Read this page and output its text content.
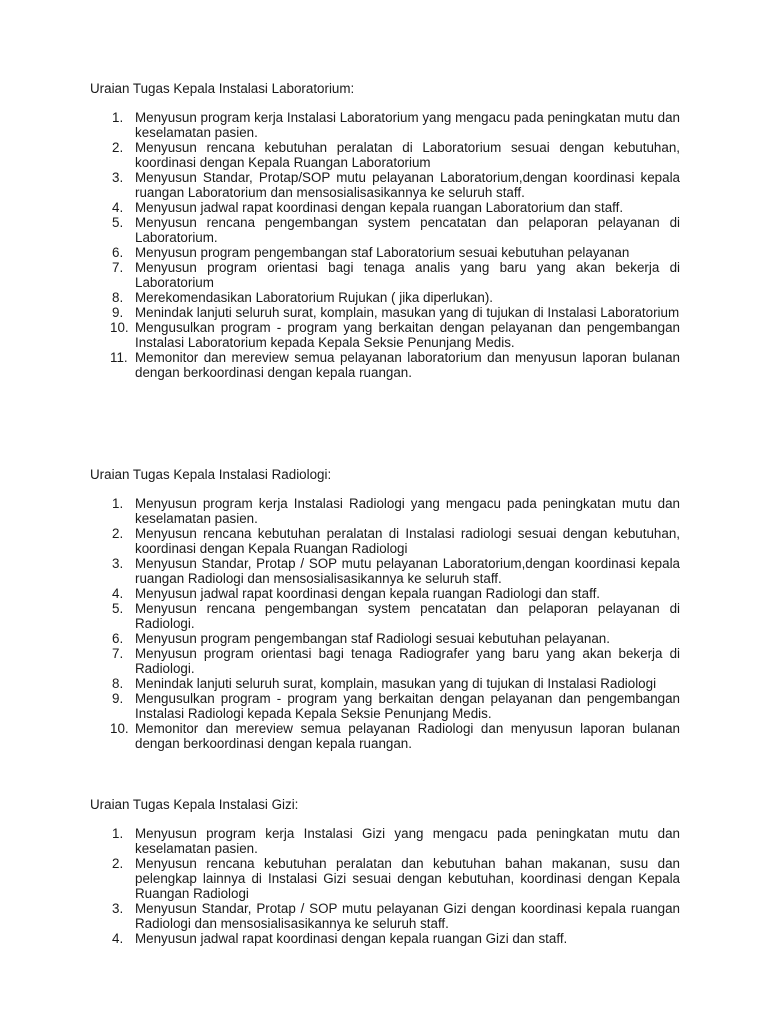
Uraian Tugas Kepala Instalasi Laboratorium:

1. Menyusun program kerja Instalasi Laboratorium yang mengacu pada peningkatan mutu dan keselamatan pasien.
2. Menyusun rencana kebutuhan peralatan di Laboratorium sesuai dengan kebutuhan, koordinasi dengan Kepala Ruangan Laboratorium
3. Menyusun Standar, Protap/SOP mutu pelayanan Laboratorium,dengan koordinasi kepala ruangan Laboratorium dan mensosialisasikannya ke seluruh staff.
4. Menyusun jadwal rapat koordinasi dengan kepala ruangan Laboratorium dan staff.
5. Menyusun rencana pengembangan system pencatatan dan pelaporan pelayanan di Laboratorium.
6. Menyusun program pengembangan staf Laboratorium sesuai kebutuhan pelayanan
7. Menyusun program orientasi bagi tenaga analis yang baru yang akan bekerja di Laboratorium
8. Merekomendasikan Laboratorium Rujukan ( jika diperlukan).
9. Menindak lanjuti seluruh surat, komplain, masukan yang di tujukan di Instalasi Laboratorium
10. Mengusulkan program - program yang berkaitan dengan pelayanan dan pengembangan Instalasi Laboratorium kepada Kepala Seksie Penunjang Medis.
11. Memonitor dan mereview semua pelayanan laboratorium dan menyusun laporan bulanan dengan berkoordinasi dengan kepala ruangan.

Uraian Tugas Kepala Instalasi Radiologi:

1. Menyusun program kerja Instalasi Radiologi yang mengacu pada peningkatan mutu dan keselamatan pasien.
2. Menyusun rencana kebutuhan peralatan di Instalasi radiologi sesuai dengan kebutuhan, koordinasi dengan Kepala Ruangan Radiologi
3. Menyusun Standar, Protap / SOP mutu pelayanan Laboratorium,dengan koordinasi kepala ruangan Radiologi dan mensosialisasikannya ke seluruh staff.
4. Menyusun jadwal rapat koordinasi dengan kepala ruangan Radiologi dan staff.
5. Menyusun rencana pengembangan system pencatatan dan pelaporan pelayanan di Radiologi.
6. Menyusun program pengembangan staf Radiologi sesuai kebutuhan pelayanan.
7. Menyusun program orientasi bagi tenaga Radiografer yang baru yang akan bekerja di Radiologi.
8. Menindak lanjuti seluruh surat, komplain, masukan yang di tujukan di Instalasi Radiologi
9. Mengusulkan program - program yang berkaitan dengan pelayanan dan pengembangan Instalasi Radiologi kepada Kepala Seksie Penunjang Medis.
10. Memonitor dan mereview semua pelayanan Radiologi dan menyusun laporan bulanan dengan berkoordinasi dengan kepala ruangan.

Uraian Tugas Kepala Instalasi Gizi:

1. Menyusun program kerja Instalasi Gizi yang mengacu pada peningkatan mutu dan keselamatan pasien.
2. Menyusun rencana kebutuhan peralatan dan kebutuhan bahan makanan, susu dan pelengkap lainnya di Instalasi Gizi sesuai dengan kebutuhan, koordinasi dengan Kepala Ruangan Radiologi
3. Menyusun Standar, Protap / SOP mutu pelayanan Gizi dengan koordinasi kepala ruangan Radiologi dan mensosialisasikannya ke seluruh staff.
4. Menyusun jadwal rapat koordinasi dengan kepala ruangan Gizi dan staff.
